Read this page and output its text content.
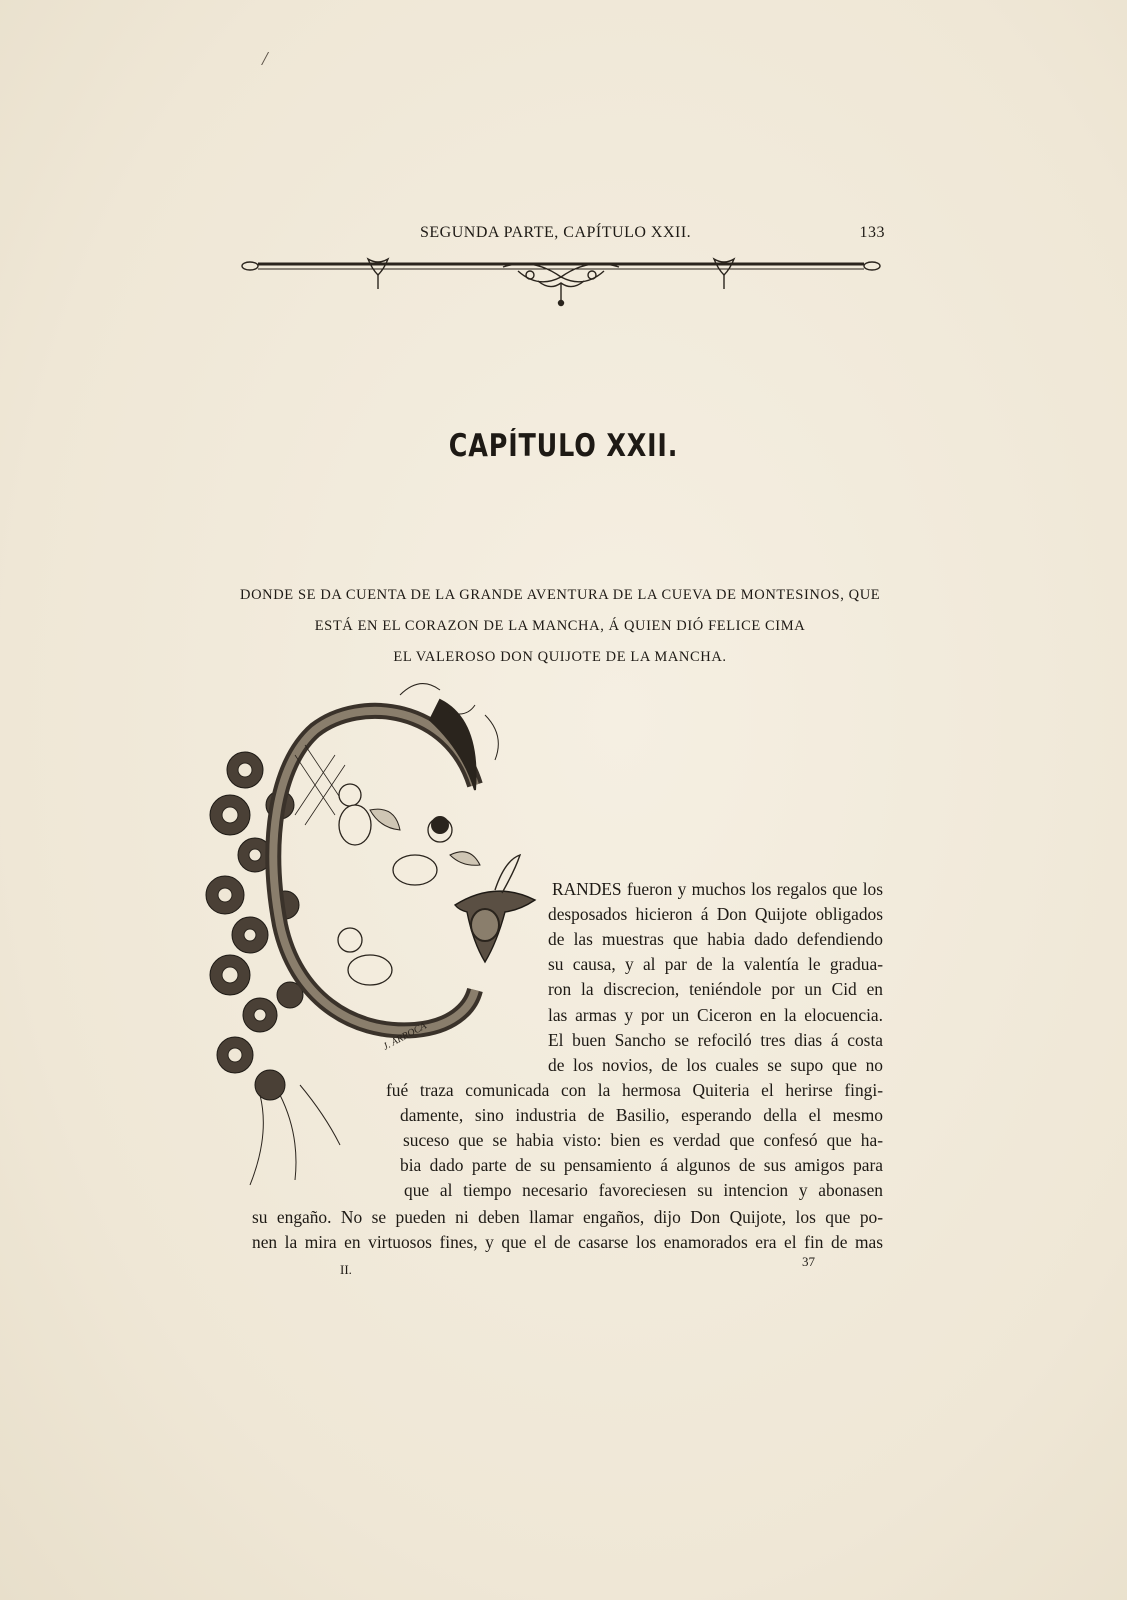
/
SEGUNDA PARTE, CAPÍTULO XXII.	133
CAPÍTULO XXII.
DONDE SE DA CUENTA DE LA GRANDE AVENTURA DE LA CUEVA DE MONTESINOS, QUE
ESTÁ EN EL CORAZON DE LA MANCHA, Á QUIEN DIÓ FELICE CIMA
EL VALEROSO DON QUIJOTE DE LA MANCHA.
J. ARROCA
RANDES fueron y muchos los regalos que los
desposados hicieron á Don Quijote obligados
de las muestras que habia dado defendiendo
su causa, y al par de la valentía le gradua-
ron la discrecion, teniéndole por un Cid en
las armas y por un Ciceron en la elocuencia.
El buen Sancho se refociló tres dias á costa
de los novios, de los cuales se supo que no
fué traza comunicada con la hermosa Quiteria el herirse fingi-
damente, sino industria de Basilio, esperando della el mesmo
suceso que se habia visto: bien es verdad que confesó que ha-
bia dado parte de su pensamiento á algunos de sus amigos para
que al tiempo necesario favoreciesen su intencion y abonasen
su engaño. No se pueden ni deben llamar engaños, dijo Don Quijote, los que po-
nen la mira en virtuosos fines, y que el de casarse los enamorados era el fin de mas
II.
37
